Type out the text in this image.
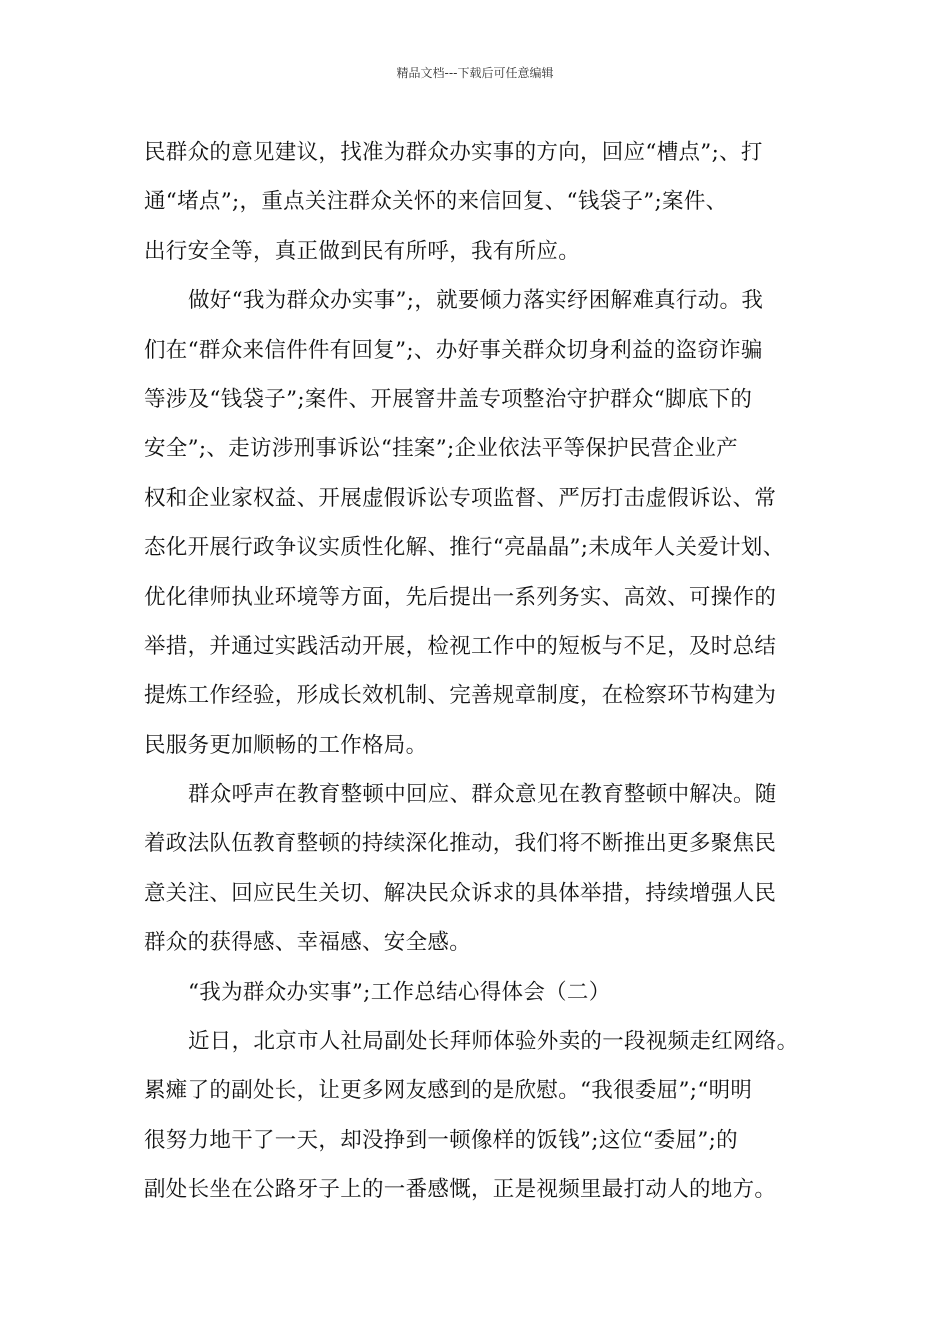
精品文档---下载后可任意编辑
民群众的意见建议，找准为群众办实事的方向，回应“槽点”;、打
通“堵点”;，重点关注群众关怀的来信回复、“钱袋子”;案件、
出行安全等，真正做到民有所呼，我有所应。
做好“我为群众办实事”;，就要倾力落实纾困解难真行动。我
们在“群众来信件件有回复”;、办好事关群众切身利益的盗窃诈骗
等涉及“钱袋子”;案件、开展窨井盖专项整治守护群众“脚底下的
安全”;、走访涉刑事诉讼“挂案”;企业依法平等保护民营企业产
权和企业家权益、开展虚假诉讼专项监督、严厉打击虚假诉讼、常
态化开展行政争议实质性化解、推行“亮晶晶”;未成年人关爱计划、
优化律师执业环境等方面，先后提出一系列务实、高效、可操作的
举措，并通过实践活动开展，检视工作中的短板与不足，及时总结
提炼工作经验，形成长效机制、完善规章制度，在检察环节构建为
民服务更加顺畅的工作格局。
群众呼声在教育整顿中回应、群众意见在教育整顿中解决。随
着政法队伍教育整顿的持续深化推动，我们将不断推出更多聚焦民
意关注、回应民生关切、解决民众诉求的具体举措，持续增强人民
群众的获得感、幸福感、安全感。
“我为群众办实事”;工作总结心得体会（二）
近日，北京市人社局副处长拜师体验外卖的一段视频走红网络。
累瘫了的副处长，让更多网友感到的是欣慰。“我很委屈”;“明明
很努力地干了一天，却没挣到一顿像样的饭钱”;这位“委屈”;的
副处长坐在公路牙子上的一番感慨，正是视频里最打动人的地方。
